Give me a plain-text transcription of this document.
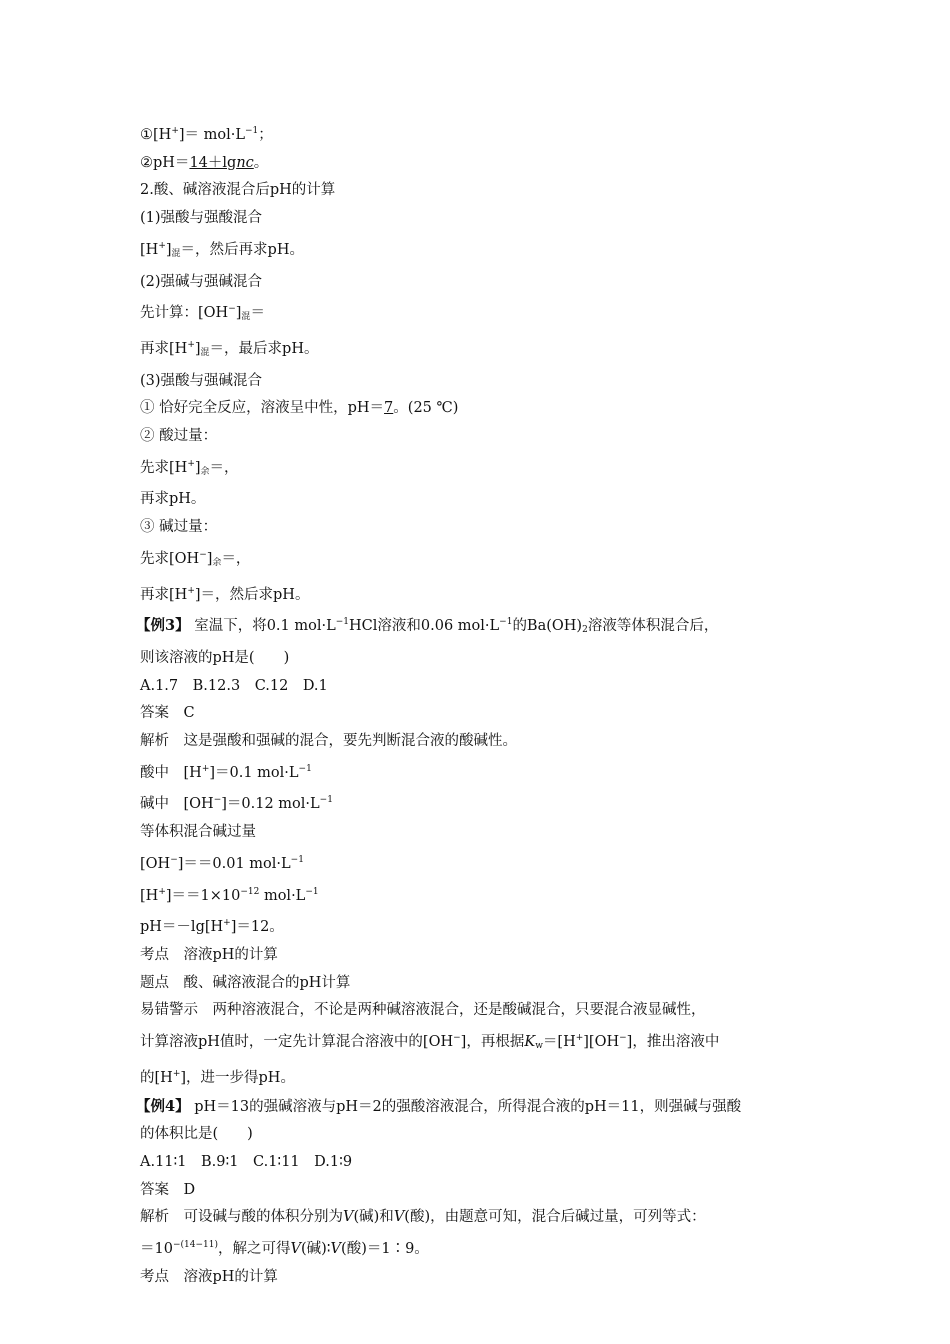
①[H+]＝ $mol\cdot L^{-1}$；
②pH＝14＋lgnc。
2.酸、碱溶液混合后pH的计算
(1)强酸与强酸混合
$[H^+]_混=$，然后再求pH。
(2)强碱与强碱混合
先计算：$[OH^-]_混=$
再求$[H^+]_混=$，最后求pH。
(3)强酸与强碱混合
① 恰好完全反应，溶液呈中性，pH＝7。(25 ℃)
② 酸过量：
先求$[H^+]_余=$，
再求pH。
③ 碱过量：
先求$[OH^-]_余=$，
再求[H+]＝，然后求pH。
【例3】 室温下，将0.1 $mol\cdot L^{-1}HCl$溶液和0.06 $mol\cdot L^{-1}$的$Ba(OH)_2$溶液等体积混合后，
则该溶液的pH是(　　)
A.1.7　B.12.3　C.12　D.1
答案　C
解析　这是强酸和强碱的混合，要先判断混合液的酸碱性。
酸中　[H+]＝0.1 $mol\cdot L^{-1}$
碱中　[OH−]＝0.12 $mol\cdot L^{-1}$
等体积混合碱过量
[OH−]＝＝0.01 $mol\cdot L^{-1}$
$[H^+]==1\times 10^{-12}$ $mol\cdot L^{-1}$
pH＝－lg[H+]＝12。
考点　溶液pH的计算
题点　酸、碱溶液混合的pH计算
易错警示　两种溶液混合，不论是两种碱溶液混合，还是酸碱混合，只要混合液显碱性，
计算溶液pH值时，一定先计算混合溶液中的[OH−]，再根据$K_w=[H^+][OH^-]$，推出溶液中
的[H+]，进一步得pH。
【例4】 pH＝13的强碱溶液与pH＝2的强酸溶液混合，所得混合液的pH＝11，则强碱与强酸
的体积比是(　　)
A.11∶1　B.9∶1　C.1∶11　D.1∶9
答案　D
解析　可设碱与酸的体积分别为V(碱)和V(酸)，由题意可知，混合后碱过量，可列等式：
$=10^{-(14-11)}$，解之可得V(碱)∶V(酸)＝1∶9。
考点　溶液pH的计算
